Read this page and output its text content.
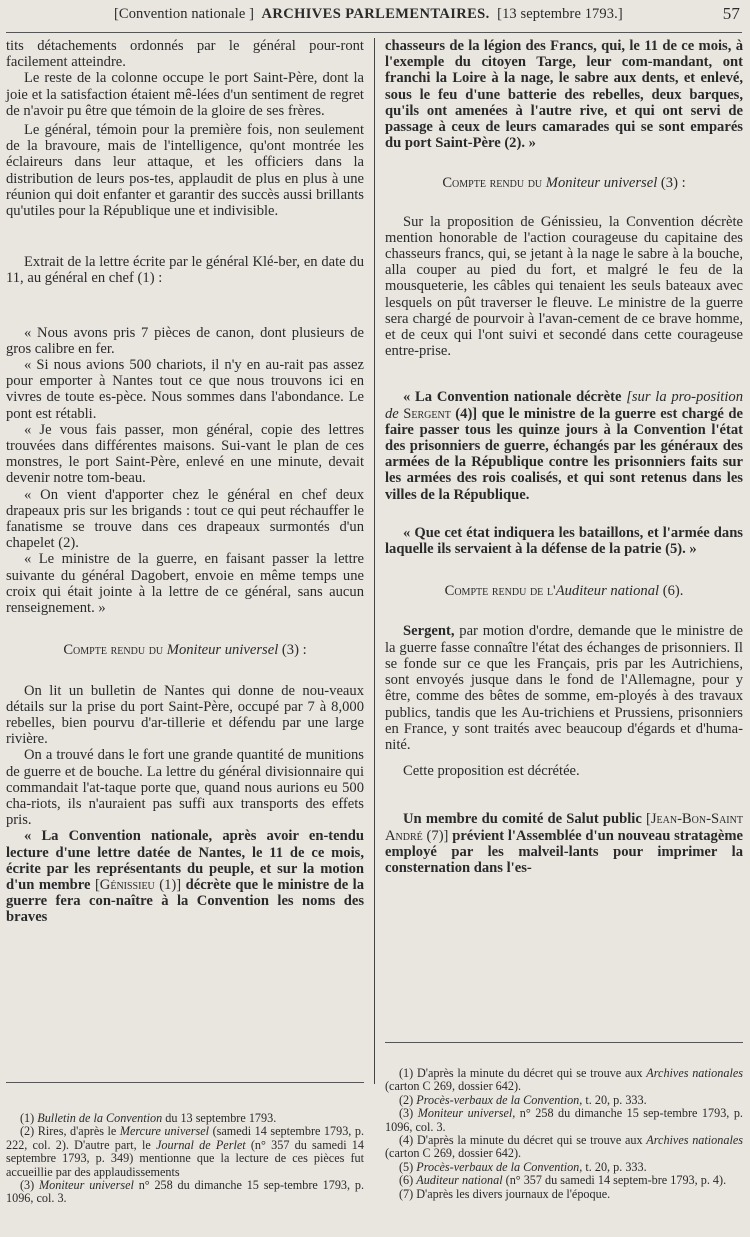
[Convention nationale ] ARCHIVES PARLEMENTAIRES. [13 septembre 1793.]	57

tits détachements ordonnés par le général pour-ront facilement atteindre.

Le reste de la colonne occupe le port Saint-Père, dont la joie et la satisfaction étaient mê-lées d'un sentiment de regret de n'avoir pu être que témoin de la gloire de ses frères.

Le général, témoin pour la première fois, non seulement de la bravoure, mais de l'intelligence, qu'ont montrée les éclaireurs dans leur attaque, et les officiers dans la distribution de leurs pos-tes, applaudit de plus en plus à une réunion qui doit enfanter et garantir des succès aussi brillants qu'utiles pour la République une et indivisible.

Extrait de la lettre écrite par le général Klé-ber, en date du 11, au général en chef (1) :

« Nous avons pris 7 pièces de canon, dont plusieurs de gros calibre en fer.

« Si nous avions 500 chariots, il n'y en au-rait pas assez pour emporter à Nantes tout ce que nous trouvons ici en vivres de toute es-pèce. Nous sommes dans l'abondance. Le pont est rétabli.

« Je vous fais passer, mon général, copie des lettres trouvées dans différentes maisons. Sui-vant le plan de ces monstres, le port Saint-Père, enlevé en une minute, devait devenir notre tom-beau.

« On vient d'apporter chez le général en chef deux drapeaux pris sur les brigands : tout ce qui peut réchauffer le fanatisme se trouve dans ces drapeaux surmontés d'un chapelet (2).

« Le ministre de la guerre, en faisant passer la lettre suivante du général Dagobert, envoie en même temps une croix qui était jointe à la lettre de ce général, sans aucun renseignement. »

Compte rendu du Moniteur universel (3) :

On lit un bulletin de Nantes qui donne de nou-veaux détails sur la prise du port Saint-Père, occupé par 7 à 8,000 rebelles, bien pourvu d'ar-tillerie et défendu par une large rivière.

On a trouvé dans le fort une grande quantité de munitions de guerre et de bouche. La lettre du général divisionnaire qui commandait l'at-taque porte que, quand nous aurions eu 500 cha-riots, ils n'auraient pas suffi aux transports des effets pris.

« La Convention nationale, après avoir en-tendu lecture d'une lettre datée de Nantes, le 11 de ce mois, écrite par les représentants du peuple, et sur la motion d'un membre [Génissieu (1)] décrète que le ministre de la guerre fera con-naître à la Convention les noms des braves

chasseurs de la légion des Francs, qui, le 11 de ce mois, à l'exemple du citoyen Targe, leur com-mandant, ont franchi la Loire à la nage, le sabre aux dents, et enlevé, sous le feu d'une batterie des rebelles, deux barques, qu'ils ont amenées à l'autre rive, et qui ont servi de passage à ceux de leurs camarades qui se sont emparés du port Saint-Père (2). »

Compte rendu du Moniteur universel (3) :

Sur la proposition de Génissieu, la Convention décrète mention honorable de l'action courageuse du capitaine des chasseurs francs, qui, se jetant à la nage le sabre à la bouche, alla couper au pied du fort, et malgré le feu de la mousqueterie, les câbles qui tenaient les seuls bateaux avec lesquels on pût traverser le fleuve. Le ministre de la guerre sera chargé de pourvoir à l'avan-cement de ce brave homme, et de ceux qui l'ont suivi et secondé dans cette courageuse entre-prise.

« La Convention nationale décrète [sur la pro-position de Sergent (4)] que le ministre de la guerre est chargé de faire passer tous les quinze jours à la Convention l'état des prisonniers de guerre, échangés par les généraux des armées de la République contre les prisonniers faits sur les armées des rois coalisés, et qui sont retenus dans les villes de la République.

« Que cet état indiquera les bataillons, et l'armée dans laquelle ils servaient à la défense de la patrie (5). »

Compte rendu de l'Auditeur national (6).

Sergent, par motion d'ordre, demande que le ministre de la guerre fasse connaître l'état des échanges de prisonniers. Il se fonde sur ce que les Français, pris par les Autrichiens, sont envoyés jusque dans le fond de l'Allemagne, pour y être, comme des bêtes de somme, em-ployés à des travaux publics, tandis que les Au-trichiens et Prussiens, prisonniers en France, y sont traités avec beaucoup d'égards et d'huma-nité.

Cette proposition est décrétée.

Un membre du comité de Salut public [Jean-Bon-Saint André (7)] prévient l'Assemblée d'un nouveau stratagème employé par les malveil-lants pour imprimer la consternation dans l'es-

(1) Bulletin de la Convention du 13 septembre 1793.

(2) Rires, d'après le Mercure universel (samedi 14 septembre 1793, p. 222, col. 2). D'autre part, le Journal de Perlet (n° 357 du samedi 14 septembre 1793, p. 349) mentionne que la lecture de ces pièces fut accueillie par des applaudissements

(3) Moniteur universel n° 258 du dimanche 15 sep-tembre 1793, p. 1096, col. 3.

(1) D'après la minute du décret qui se trouve aux Archives nationales (carton C 269, dossier 642).

(2) Procès-verbaux de la Convention, t. 20, p. 333.

(3) Moniteur universel, n° 258 du dimanche 15 sep-tembre 1793, p. 1096, col. 3.

(4) D'après la minute du décret qui se trouve aux Archives nationales (carton C 269, dossier 642).

(5) Procès-verbaux de la Convention, t. 20, p. 333.

(6) Auditeur national (n° 357 du samedi 14 septem-bre 1793, p. 4).

(7) D'après les divers journaux de l'époque.
